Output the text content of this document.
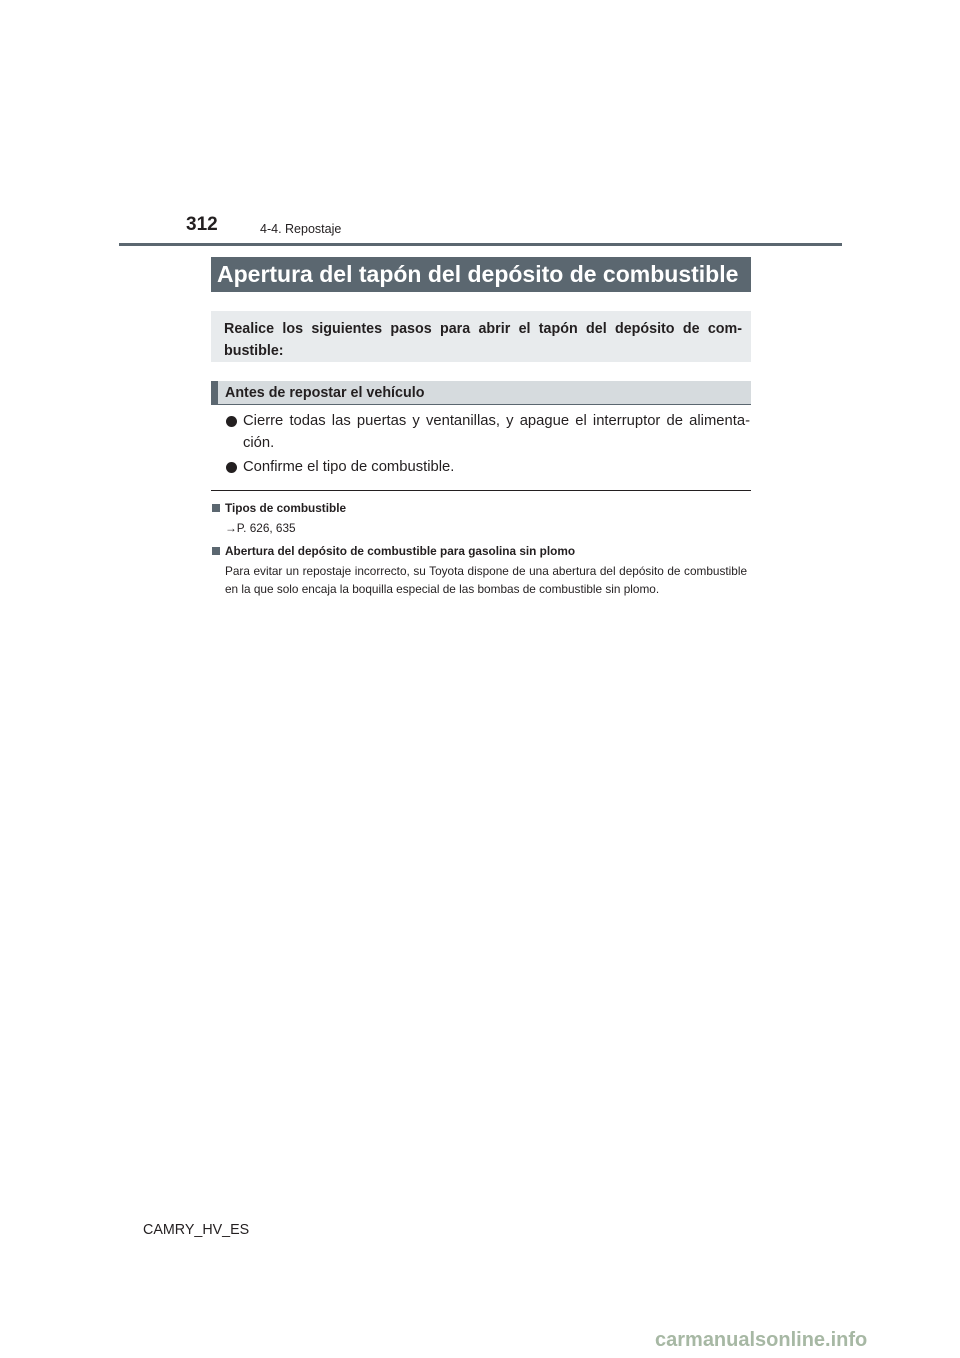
312	4-4. Repostaje
Apertura del tapón del depósito de combustible
Realice los siguientes pasos para abrir el tapón del depósito de com-bustible:
Antes de repostar el vehículo
Cierre todas las puertas y ventanillas, y apague el interruptor de alimenta-ción.
Confirme el tipo de combustible.
Tipos de combustible
→P. 626, 635
Abertura del depósito de combustible para gasolina sin plomo
Para evitar un repostaje incorrecto, su Toyota dispone de una abertura del depósito de combustible en la que solo encaja la boquilla especial de las bombas de combustible sin plomo.
CAMRY_HV_ES
carmanualsonline.info
